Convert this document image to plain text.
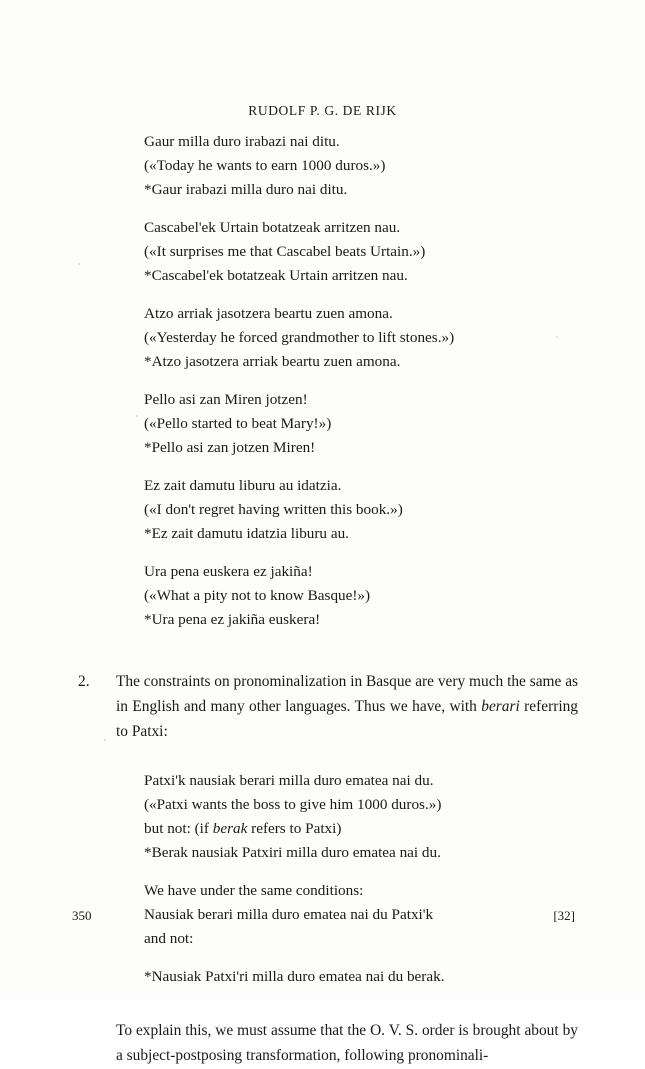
RUDOLF P. G. DE RIJK
Gaur milla duro irabazi nai ditu.
(«Today he wants to earn 1000 duros.»)
*Gaur irabazi milla duro nai ditu.
Cascabel'ek Urtain botatzeak arritzen nau.
(«It surprises me that Cascabel beats Urtain.»)
*Cascabel'ek botatzeak Urtain arritzen nau.
Atzo arriak jasotzera beartu zuen amona.
(«Yesterday he forced grandmother to lift stones.»)
*Atzo jasotzera arriak beartu zuen amona.
Pello asi zan Miren jotzen!
(«Pello started to beat Mary!»)
*Pello asi zan jotzen Miren!
Ez zait damutu liburu au idatzia.
(«I don't regret having written this book.»)
*Ez zait damutu idatzia liburu au.
Ura pena euskera ez jakiña!
(«What a pity not to know Basque!»)
*Ura pena ez jakiña euskera!
2.	The constraints on pronominalization in Basque are very much the same as in English and many other languages. Thus we have, with berari referring to Patxi:
Patxi'k nausiak berari milla duro ematea nai du.
(«Patxi wants the boss to give him 1000 duros.»)
but not: (if berak refers to Patxi)
*Berak nausiak Patxiri milla duro ematea nai du.
We have under the same conditions:
Nausiak berari milla duro ematea nai du Patxi'k
and not:
*Nausiak Patxi'ri milla duro ematea nai du berak.
To explain this, we must assume that the O. V. S. order is brought about by a subject-postposing transformation, following pronominali-
350	[32]
